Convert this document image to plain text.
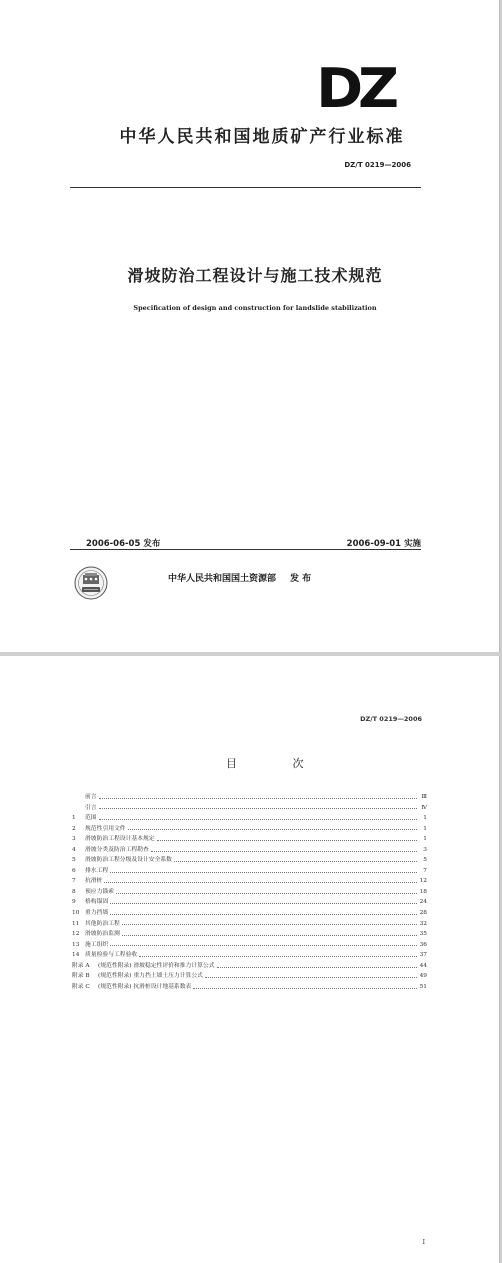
DZ
中华人民共和国地质矿产行业标准
DZ/T 0219—2006
滑坡防治工程设计与施工技术规范
Specification of design and construction for landslide stabilization
2006-06-05 发布	2006-09-01 实施
中华人民共和国国土资源部 发 布
DZ/T 0219—2006
目 次
前言	Ⅲ
引言	Ⅳ
1	范围	1
2	规范性引用文件	1
3	滑坡防治工程设计基本规定	1
4	滑坡分类及防治工程勘查	3
5	滑坡防治工程分级及设计安全系数	5
6	排水工程	7
7	抗滑桩	12
8	预应力锚索	18
9	格构锚固	24
10 重力挡墙	28
11 其他防治工程	32
12 滑坡防治监测	35
13 施工组织	36
14 质量检验与工程验收	37
附录 A	(规范性附录) 滑坡稳定性评价和推力计算公式	44
附录 B	(规范性附录) 重力挡土墙土压力计算公式	49
附录 C	(规范性附录) 抗滑桩设计地基系数表	51
I
